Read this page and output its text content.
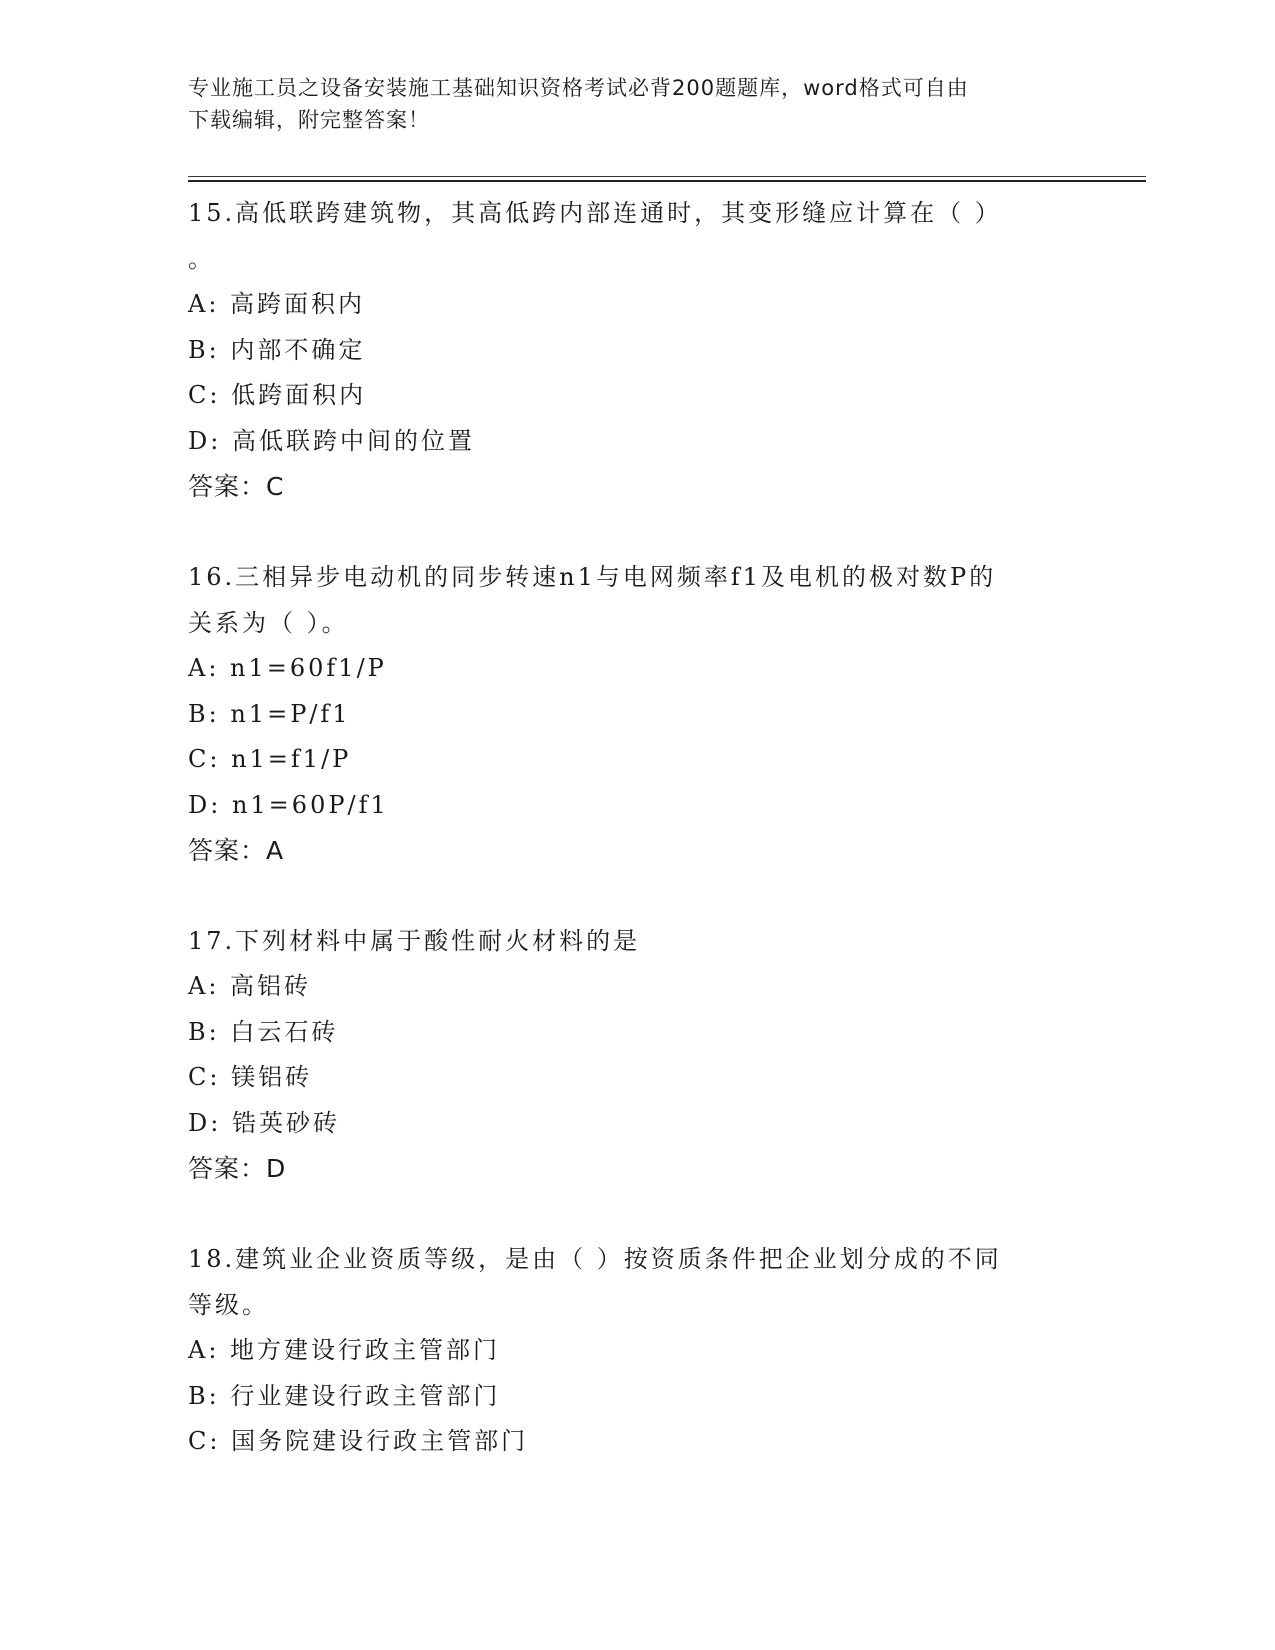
专业施工员之设备安装施工基础知识资格考试必背200题题库，word格式可自由
下载编辑，附完整答案！
15.高低联跨建筑物，其高低跨内部连通时，其变形缝应计算在（ ）
。
A: 高跨面积内
B: 内部不确定
C: 低跨面积内
D: 高低联跨中间的位置
答案：C
16.三相异步电动机的同步转速n1与电网频率f1及电机的极对数P的
关系为（ ）。
A: n1=60f1/P
B: n1=P/f1
C: n1=f1/P
D: n1=60P/f1
答案：A
17.下列材料中属于酸性耐火材料的是
A: 高铝砖
B: 白云石砖
C: 镁铝砖
D: 锆英砂砖
答案：D
18.建筑业企业资质等级，是由（ ）按资质条件把企业划分成的不同
等级。
A: 地方建设行政主管部门
B: 行业建设行政主管部门
C: 国务院建设行政主管部门
